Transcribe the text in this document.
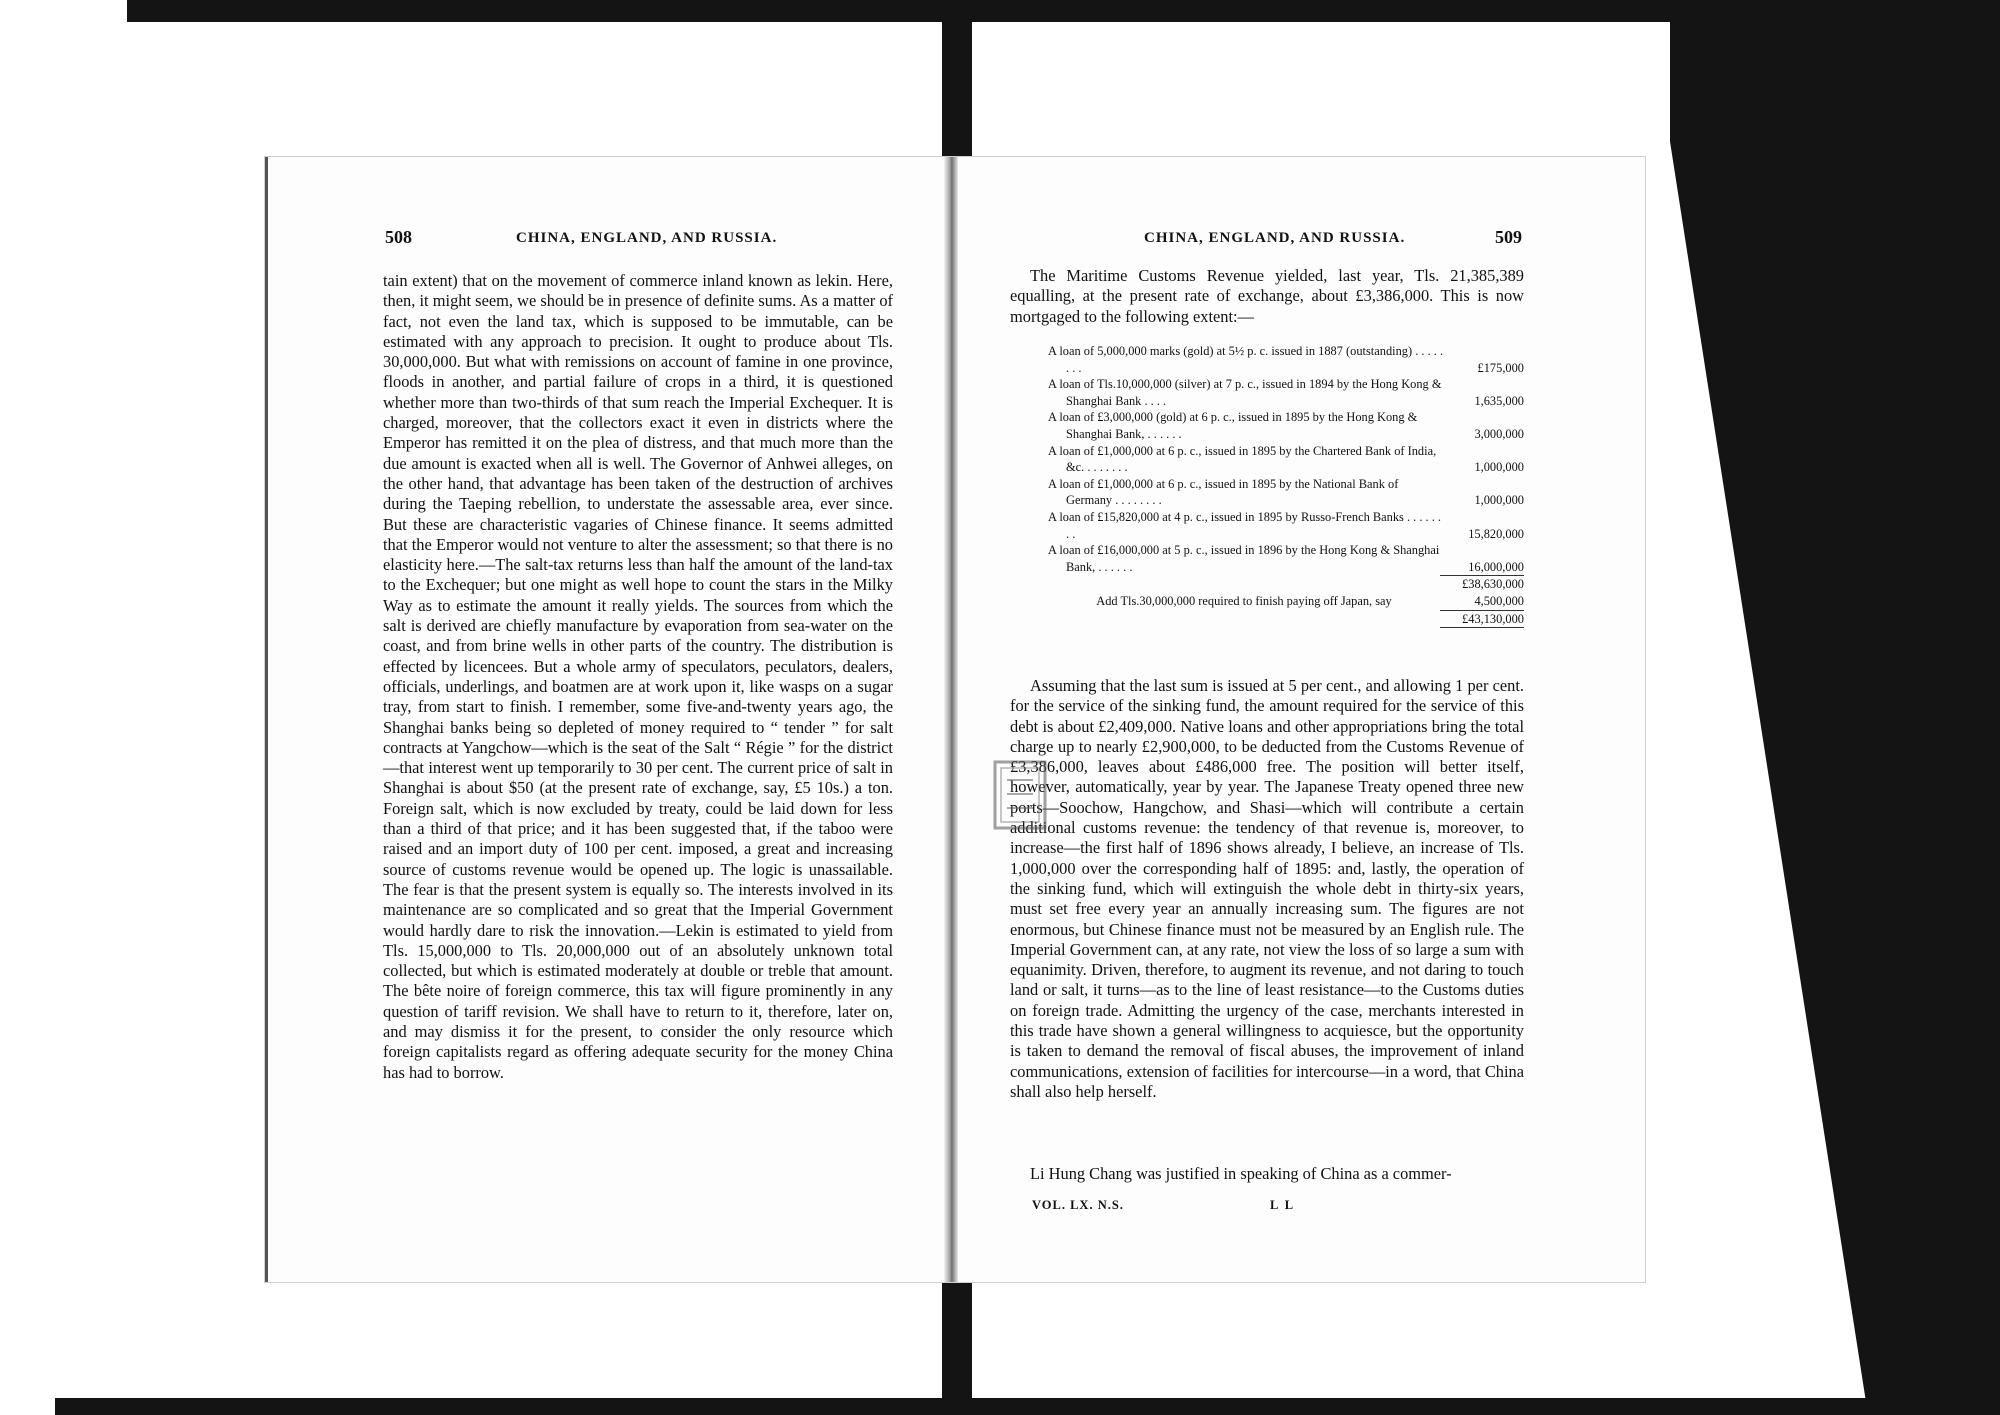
508	CHINA, ENGLAND, AND RUSSIA.

tain extent) that on the movement of commerce inland known as lekin. Here, then, it might seem, we should be in presence of definite sums. As a matter of fact, not even the land tax, which is supposed to be immutable, can be estimated with any approach to precision. It ought to produce about Tls. 30,000,000. But what with remissions on account of famine in one province, floods in another, and partial failure of crops in a third, it is questioned whether more than two-thirds of that sum reach the Imperial Exchequer. It is charged, moreover, that the collectors exact it even in districts where the Emperor has remitted it on the plea of distress, and that much more than the due amount is exacted when all is well. The Governor of Anhwei alleges, on the other hand, that advantage has been taken of the destruction of archives during the Taeping rebellion, to understate the assessable area, ever since. But these are characteristic vagaries of Chinese finance. It seems admitted that the Emperor would not venture to alter the assessment; so that there is no elasticity here.—The salt-tax returns less than half the amount of the land-tax to the Exchequer; but one might as well hope to count the stars in the Milky Way as to estimate the amount it really yields. The sources from which the salt is derived are chiefly manufacture by evaporation from sea-water on the coast, and from brine wells in other parts of the country. The distribution is effected by licencees. But a whole army of speculators, peculators, dealers, officials, underlings, and boatmen are at work upon it, like wasps on a sugar tray, from start to finish. I remember, some five-and-twenty years ago, the Shanghai banks being so depleted of money required to “ tender ” for salt contracts at Yangchow—which is the seat of the Salt “ Régie ” for the district—that interest went up temporarily to 30 per cent. The current price of salt in Shanghai is about $50 (at the present rate of exchange, say, £5 10s.) a ton. Foreign salt, which is now excluded by treaty, could be laid down for less than a third of that price; and it has been suggested that, if the taboo were raised and an import duty of 100 per cent. imposed, a great and increasing source of customs revenue would be opened up. The logic is unassailable. The fear is that the present system is equally so. The interests involved in its maintenance are so complicated and so great that the Imperial Government would hardly dare to risk the innovation.—Lekin is estimated to yield from Tls. 15,000,000 to Tls. 20,000,000 out of an absolutely unknown total collected, but which is estimated moderately at double or treble that amount. The bête noire of foreign commerce, this tax will figure prominently in any question of tariff revision. We shall have to return to it, therefore, later on, and may dismiss it for the present, to consider the only resource which foreign capitalists regard as offering adequate security for the money China has had to borrow.

CHINA, ENGLAND, AND RUSSIA.	509

The Maritime Customs Revenue yielded, last year, Tls. 21,385,389 equalling, at the present rate of exchange, about £3,386,000. This is now mortgaged to the following extent:—

A loan of 5,000,000 marks (gold) at 5½ p. c. issued in 1887 (outstanding) . . . . . . . .	£175,000
A loan of Tls.10,000,000 (silver) at 7 p. c., issued in 1894 by the Hong Kong & Shanghai Bank . . . .	1,635,000
A loan of £3,000,000 (gold) at 6 p. c., issued in 1895 by the Hong Kong & Shanghai Bank, . . . . . .	3,000,000
A loan of £1,000,000 at 6 p. c., issued in 1895 by the Chartered Bank of India, &c. . . . . . . .	1,000,000
A loan of £1,000,000 at 6 p. c., issued in 1895 by the National Bank of Germany . . . . . . . .	1,000,000
A loan of £15,820,000 at 4 p. c., issued in 1895 by Russo-French Banks . . . . . . . .	15,820,000
A loan of £16,000,000 at 5 p. c., issued in 1896 by the Hong Kong & Shanghai Bank, . . . . . .	16,000,000
£38,630,000
Add Tls.30,000,000 required to finish paying off Japan, say	4,500,000
£43,130,000

Assuming that the last sum is issued at 5 per cent., and allowing 1 per cent. for the service of the sinking fund, the amount required for the service of this debt is about £2,409,000. Native loans and other appropriations bring the total charge up to nearly £2,900,000, to be deducted from the Customs Revenue of £3,386,000, leaves about £486,000 free. The position will better itself, however, automatically, year by year. The Japanese Treaty opened three new ports—Soochow, Hangchow, and Shasi—which will contribute a certain additional customs revenue: the tendency of that revenue is, moreover, to increase—the first half of 1896 shows already, I believe, an increase of Tls. 1,000,000 over the corresponding half of 1895: and, lastly, the operation of the sinking fund, which will extinguish the whole debt in thirty-six years, must set free every year an annually increasing sum. The figures are not enormous, but Chinese finance must not be measured by an English rule. The Imperial Government can, at any rate, not view the loss of so large a sum with equanimity. Driven, therefore, to augment its revenue, and not daring to touch land or salt, it turns—as to the line of least resistance—to the Customs duties on foreign trade. Admitting the urgency of the case, merchants interested in this trade have shown a general willingness to acquiesce, but the opportunity is taken to demand the removal of fiscal abuses, the improvement of inland communications, extension of facilities for intercourse—in a word, that China shall also help herself.

Li Hung Chang was justified in speaking of China as a commer-
VOL. LX. N.S.	L L
